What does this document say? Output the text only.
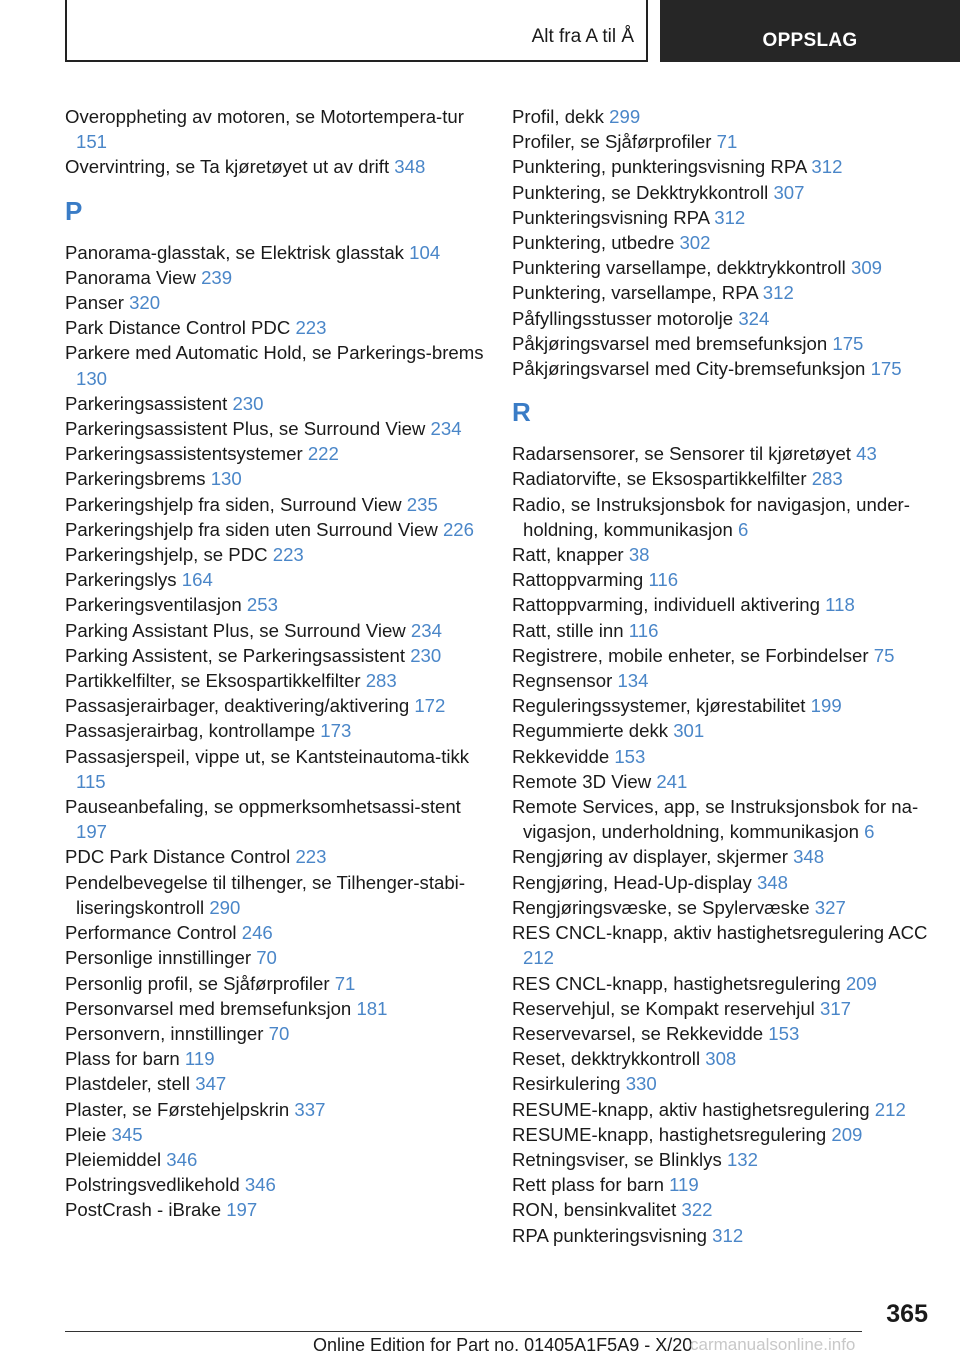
Alt fra A til Å	OPPSLAG
Overoppheting av motoren, se Motortempera-tur 151
Overvintring, se Ta kjøretøyet ut av drift 348
P
Panorama-glasstak, se Elektrisk glasstak 104
Panorama View 239
Panser 320
Park Distance Control PDC 223
Parkere med Automatic Hold, se Parkerings-brems 130
Parkeringsassistent 230
Parkeringsassistent Plus, se Surround View 234
Parkeringsassistentsystemer 222
Parkeringsbrems 130
Parkeringshjelp fra siden, Surround View 235
Parkeringshjelp fra siden uten Surround View 226
Parkeringshjelp, se PDC 223
Parkeringslys 164
Parkeringsventilasjon 253
Parking Assistant Plus, se Surround View 234
Parking Assistent, se Parkeringsassistent 230
Partikkelfilter, se Eksospartikkelfilter 283
Passasjerairbager, deaktivering/aktivering 172
Passasjerairbag, kontrollampe 173
Passasjerspeil, vippe ut, se Kantsteinautoma-tikk 115
Pauseanbefaling, se oppmerksomhetsassi-stent 197
PDC Park Distance Control 223
Pendelbevegelse til tilhenger, se Tilhenger-stabi-liseringskontroll 290
Performance Control 246
Personlige innstillinger 70
Personlig profil, se Sjåførprofiler 71
Personvarsel med bremsefunksjon 181
Personvern, innstillinger 70
Plass for barn 119
Plastdeler, stell 347
Plaster, se Førstehjelpskrin 337
Pleie 345
Pleiemiddel 346
Polstringsvedlikehold 346
PostCrash - iBrake 197
Profil, dekk 299
Profiler, se Sjåførprofiler 71
Punktering, punkteringsvisning RPA 312
Punktering, se Dekktrykkontroll 307
Punkteringsvisning RPA 312
Punktering, utbedre 302
Punktering varsellampe, dekktrykkontroll 309
Punktering, varsellampe, RPA 312
Påfyllingsstusser motorolje 324
Påkjøringsvarsel med bremsefunksjon 175
Påkjøringsvarsel med City-bremsefunksjon 175
R
Radarsensorer, se Sensorer til kjøretøyet 43
Radiatorvifte, se Eksospartikkelfilter 283
Radio, se Instruksjonsbok for navigasjon, under-holdning, kommunikasjon 6
Ratt, knapper 38
Rattoppvarming 116
Rattoppvarming, individuell aktivering 118
Ratt, stille inn 116
Registrere, mobile enheter, se Forbindelser 75
Regnsensor 134
Reguleringssystemer, kjørestabilitet 199
Regummierte dekk 301
Rekkevidde 153
Remote 3D View 241
Remote Services, app, se Instruksjonsbok for na-vigasjon, underholdning, kommunikasjon 6
Rengjøring av displayer, skjermer 348
Rengjøring, Head-Up-display 348
Rengjøringsvæske, se Spylervæske 327
RES CNCL-knapp, aktiv hastighetsregulering ACC 212
RES CNCL-knapp, hastighetsregulering 209
Reservehjul, se Kompakt reservehjul 317
Reservevarsel, se Rekkevidde 153
Reset, dekktrykkontroll 308
Resirkulering 330
RESUME-knapp, aktiv hastighetsregulering 212
RESUME-knapp, hastighetsregulering 209
Retningsviser, se Blinklys 132
Rett plass for barn 119
RON, bensinkvalitet 322
RPA punkteringsvisning 312
365
Online Edition for Part no. 01405A1F5A9 - X/20
carmanualsonline.info
